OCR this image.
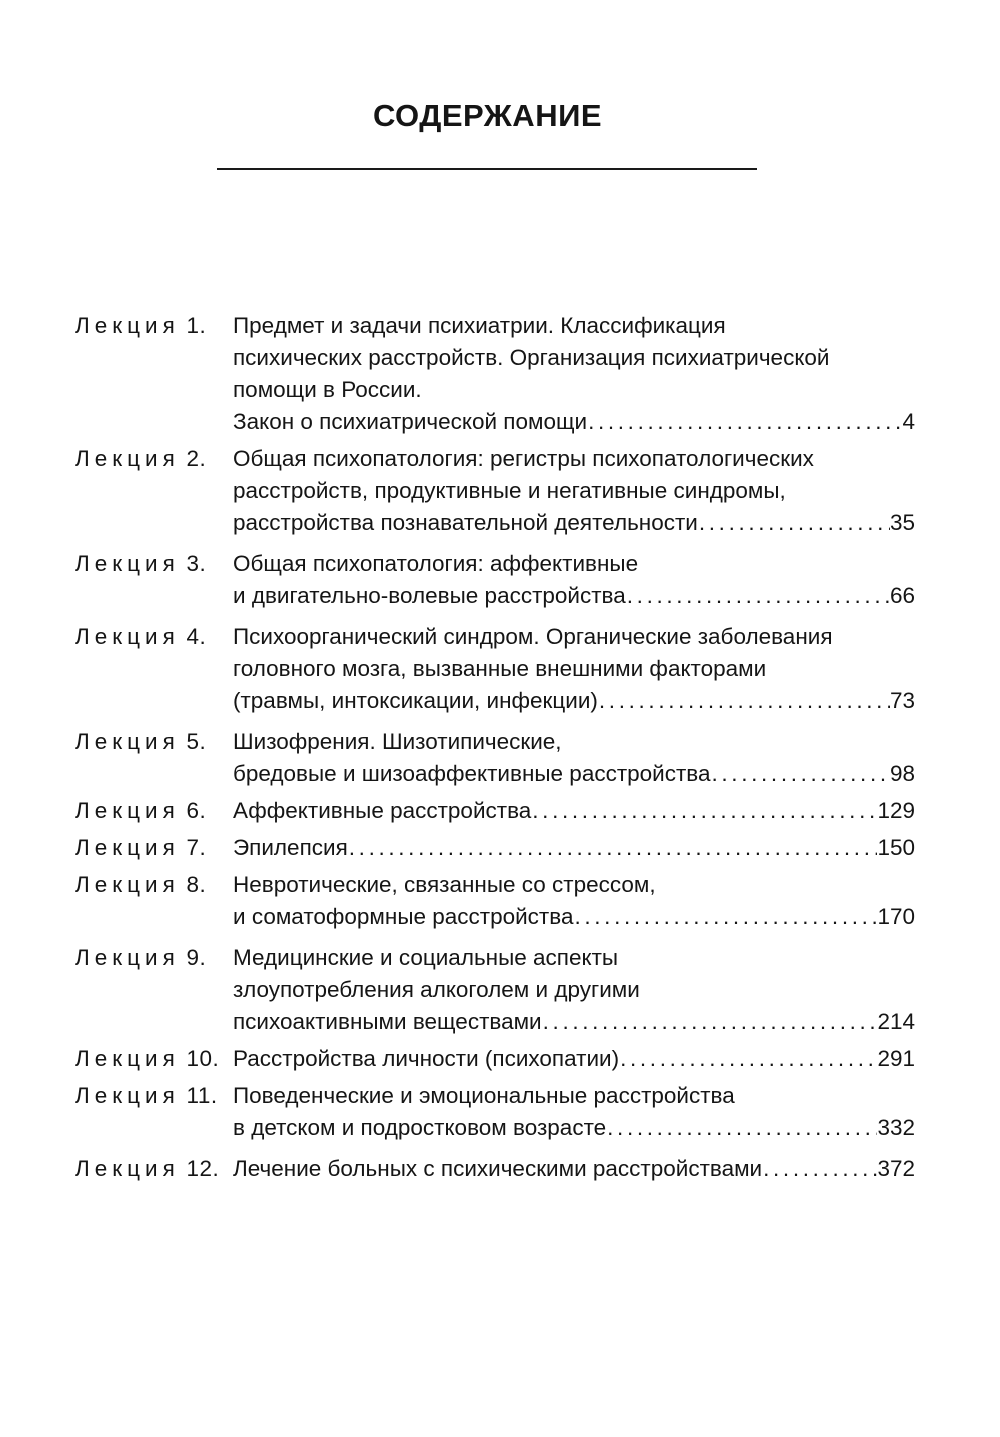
СОДЕРЖАНИЕ
Лекция 1.	Предмет и задачи психиатрии. Классификация
психических расстройств. Организация психиатрической
помощи в России.
Закон о психиатрической помощи . . .	4
Лекция 2.	Общая психопатология: регистры психопатологических
расстройств, продуктивные и негативные синдромы,
расстройства познавательной деятельности . . .	35
Лекция 3.	Общая психопатология: аффективные
и двигательно-волевые расстройства . . .	66
Лекция 4.	Психоорганический синдром. Органические заболевания
головного мозга, вызванные внешними факторами
(травмы, интоксикации, инфекции) . . .	73
Лекция 5.	Шизофрения. Шизотипические,
бредовые и шизоаффективные расстройства . . .	98
Лекция 6.	Аффективные расстройства . . .	129
Лекция 7.	Эпилепсия . . .	150
Лекция 8.	Невротические, связанные со стрессом,
и соматоформные расстройства . . .	170
Лекция 9.	Медицинские и социальные аспекты
злоупотребления алкоголем и другими
психоактивными веществами . . .	214
Лекция 10. Расстройства личности (психопатии) . . .	291
Лекция 11. Поведенческие и эмоциональные расстройства
в детском и подростковом возрасте . . .	332
Лекция 12. Лечение больных с психическими расстройствами . . .	372
